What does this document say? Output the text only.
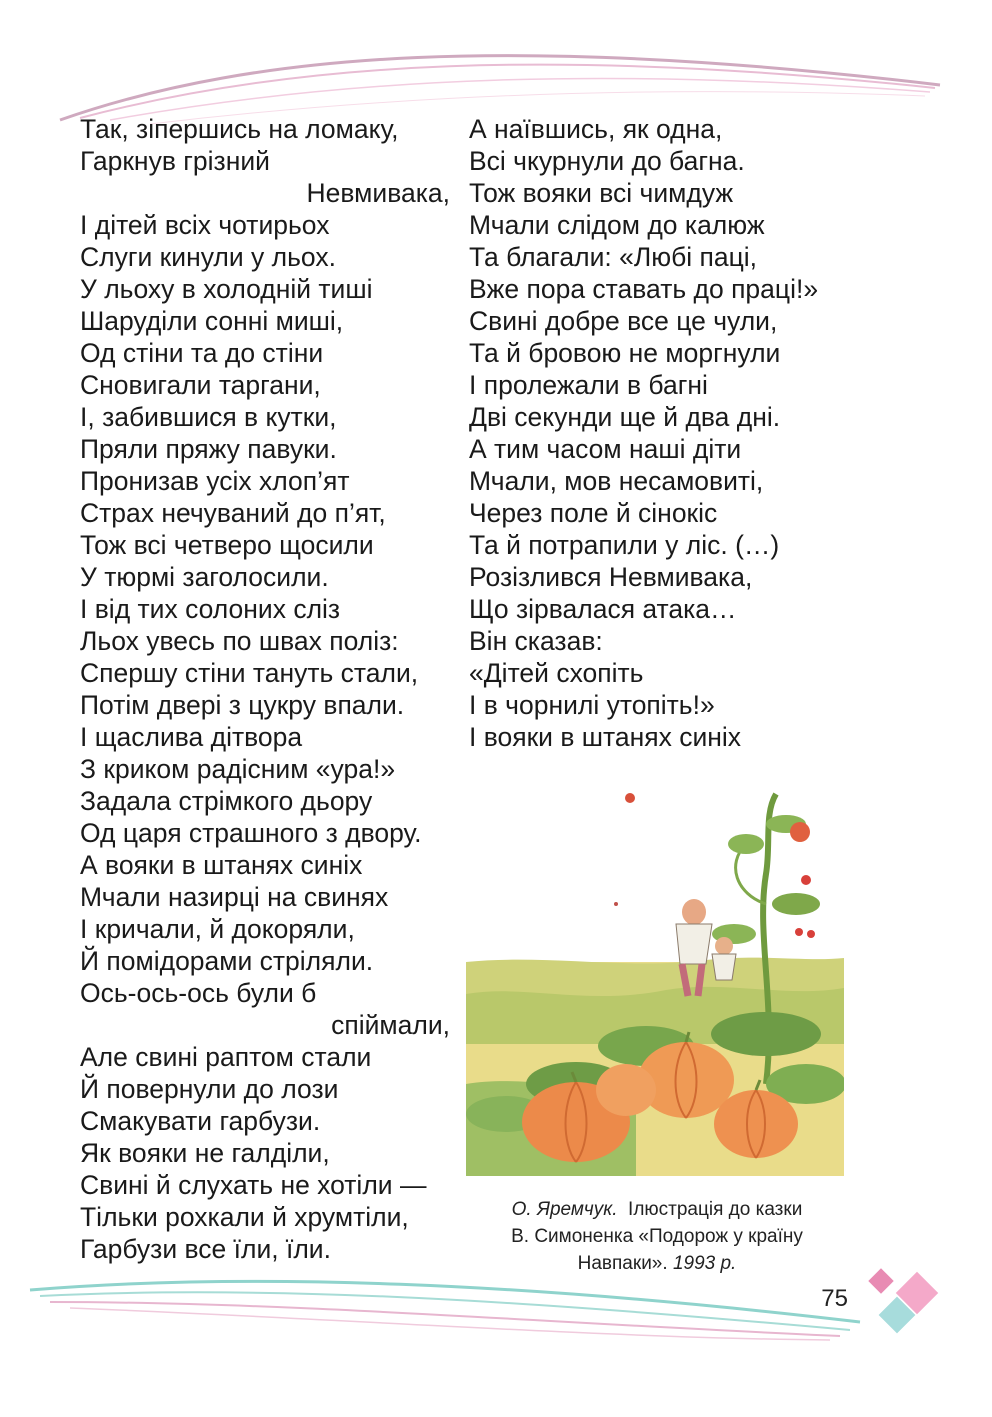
Так, зіпершись на ломаку,
Гаркнув грізний
Невмивака,
І дітей всіх чотирьох
Слуги кинули у льох.
У льоху в холодній тиші
Шаруділи сонні миші,
Од стіни та до стіни
Сновигали таргани,
І, забившися в кутки,
Пряли пряжу павуки.
Пронизав усіх хлоп’ят
Страх нечуваний до п’ят,
Тож всі четверо щосили
У тюрмі заголосили.
І від тих солоних сліз
Льох увесь по швах поліз:
Спершу стіни тануть стали,
Потім двері з цукру впали.
І щаслива дітвора
З криком радісним «ура!»
Задала стрімкого дьору
Од царя страшного з двору.
А вояки в штанях синіх
Мчали назирці на свинях
І кричали, й докоряли,
Й помідорами стріляли.
Ось-ось-ось були б
спіймали,
Але свині раптом стали
Й повернули до лози
Смакувати гарбузи.
Як вояки не галділи,
Свині й слухать не хотіли —
Тільки рохкали й хрумтіли,
Гарбузи все їли, їли.
А наївшись, як одна,
Всі чкурнули до багна.
Тож вояки всі чимдуж
Мчали слідом до калюж
Та благали: «Любі паці,
Вже пора ставать до праці!»
Свині добре все це чули,
Та й бровою не моргнули
І пролежали в багні
Дві секунди ще й два дні.
А тим часом наші діти
Мчали, мов несамовиті,
Через поле й сінокіс
Та й потрапили у ліс. (…)
Розізлився Невмивака,
Що зірвалася атака…
Він сказав:
«Дітей схопіть
І в чорнилі утопіть!»
І вояки в штанях синіх
О. Яремчук. Ілюстрація до казки
В. Симоненка «Подорож у країну
Навпаки». 1993 р.
75
